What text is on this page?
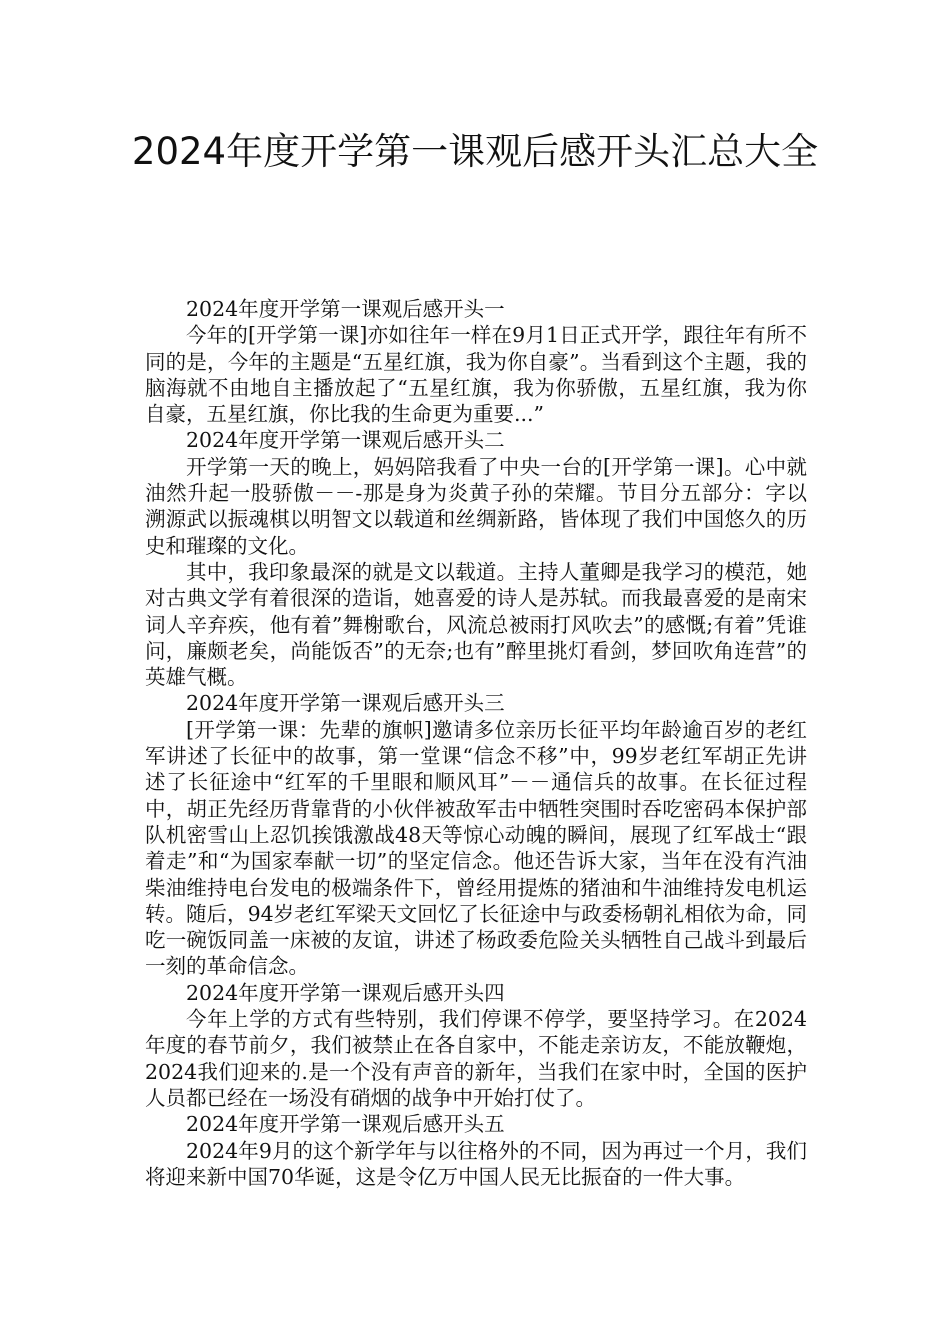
2024年度开学第一课观后感开头汇总大全

2024年度开学第一课观后感开头一

今年的[开学第一课]亦如往年一样在9月1日正式开学，跟往年有所不同的是，今年的主题是“五星红旗，我为你自豪”。当看到这个主题，我的脑海就不由地自主播放起了“五星红旗，我为你骄傲，五星红旗，我为你自豪，五星红旗，你比我的生命更为重要...”

2024年度开学第一课观后感开头二

开学第一天的晚上，妈妈陪我看了中央一台的[开学第一课]。心中就油然升起一股骄傲－－-那是身为炎黄子孙的荣耀。节目分五部分：字以溯源武以振魂棋以明智文以载道和丝绸新路，皆体现了我们中国悠久的历史和璀璨的文化。

其中，我印象最深的就是文以载道。主持人董卿是我学习的模范，她对古典文学有着很深的造诣，她喜爱的诗人是苏轼。而我最喜爱的是南宋词人辛弃疾，他有着”舞榭歌台，风流总被雨打风吹去”的感慨;有着”凭谁问，廉颇老矣，尚能饭否”的无奈;也有”醉里挑灯看剑，梦回吹角连营”的英雄气概。

2024年度开学第一课观后感开头三

[开学第一课：先辈的旗帜]邀请多位亲历长征平均年龄逾百岁的老红军讲述了长征中的故事，第一堂课“信念不移”中，99岁老红军胡正先讲述了长征途中“红军的千里眼和顺风耳”－－通信兵的故事。在长征过程中，胡正先经历背靠背的小伙伴被敌军击中牺牲突围时吞吃密码本保护部队机密雪山上忍饥挨饿激战48天等惊心动魄的瞬间，展现了红军战士“跟着走”和“为国家奉献一切”的坚定信念。他还告诉大家，当年在没有汽油柴油维持电台发电的极端条件下，曾经用提炼的猪油和牛油维持发电机运转。随后，94岁老红军梁天文回忆了长征途中与政委杨朝礼相依为命，同吃一碗饭同盖一床被的友谊，讲述了杨政委危险关头牺牲自己战斗到最后一刻的革命信念。

2024年度开学第一课观后感开头四

今年上学的方式有些特别，我们停课不停学，要坚持学习。在2024年度的春节前夕，我们被禁止在各自家中，不能走亲访友，不能放鞭炮，2024我们迎来的.是一个没有声音的新年，当我们在家中时，全国的医护人员都已经在一场没有硝烟的战争中开始打仗了。

2024年度开学第一课观后感开头五

2024年9月的这个新学年与以往格外的不同，因为再过一个月，我们将迎来新中国70华诞，这是令亿万中国人民无比振奋的一件大事。
